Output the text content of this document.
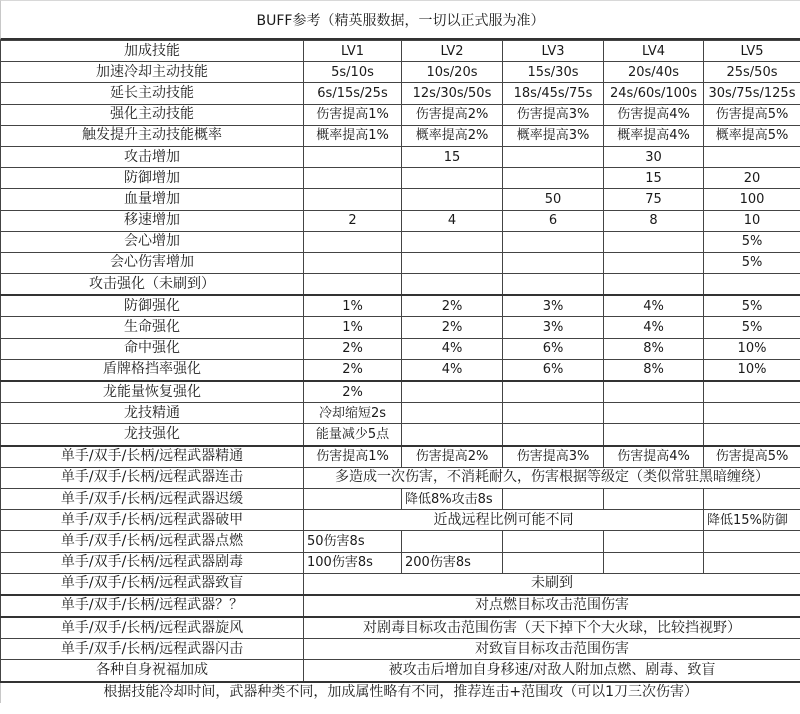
BUFF参考（精英服数据，一切以正式服为准）
加成技能	LV1	LV2	LV3	LV4	LV5
加速冷却主动技能	5s/10s	10s/20s	15s/30s	20s/40s	25s/50s
延长主动技能	6s/15s/25s	12s/30s/50s	18s/45s/75s	24s/60s/100s	30s/75s/125s
强化主动技能	伤害提高1%	伤害提高2%	伤害提高3%	伤害提高4%	伤害提高5%
触发提升主动技能概率	概率提高1%	概率提高2%	概率提高3%	概率提高4%	概率提高5%
攻击增加		15		30	
防御增加				15	20
血量增加			50	75	100
移速增加	2	4	6	8	10
会心增加					5%
会心伤害增加					5%
攻击强化（未刷到）					
防御强化	1%	2%	3%	4%	5%
生命强化	1%	2%	3%	4%	5%
命中强化	2%	4%	6%	8%	10%
盾牌格挡率强化	2%	4%	6%	8%	10%
龙能量恢复强化	2%				
龙技精通	冷却缩短2s				
龙技强化	能量减少5点				
单手/双手/长柄/远程武器精通	伤害提高1%	伤害提高2%	伤害提高3%	伤害提高4%	伤害提高5%
单手/双手/长柄/远程武器连击	多造成一次伤害，不消耗耐久，伤害根据等级定（类似常驻黑暗缠绕）				
单手/双手/长柄/远程武器迟缓		降低8%攻击8s			
单手/双手/长柄/远程武器破甲	近战远程比例可能不同				降低15%防御
单手/双手/长柄/远程武器点燃	50伤害8s				
单手/双手/长柄/远程武器剧毒	100伤害8s	200伤害8s			
单手/双手/长柄/远程武器致盲	未刷到				
单手/双手/长柄/远程武器？？	对点燃目标攻击范围伤害				
单手/双手/长柄/远程武器旋风	对剧毒目标攻击范围伤害（天下掉下个大火球，比较挡视野）				
单手/双手/长柄/远程武器闪击	对致盲目标攻击范围伤害				
各种自身祝福加成	被攻击后增加自身移速/对敌人附加点燃、剧毒、致盲				
根据技能冷却时间，武器种类不同，加成属性略有不同，推荐连击+范围攻（可以1刀三次伤害）					
